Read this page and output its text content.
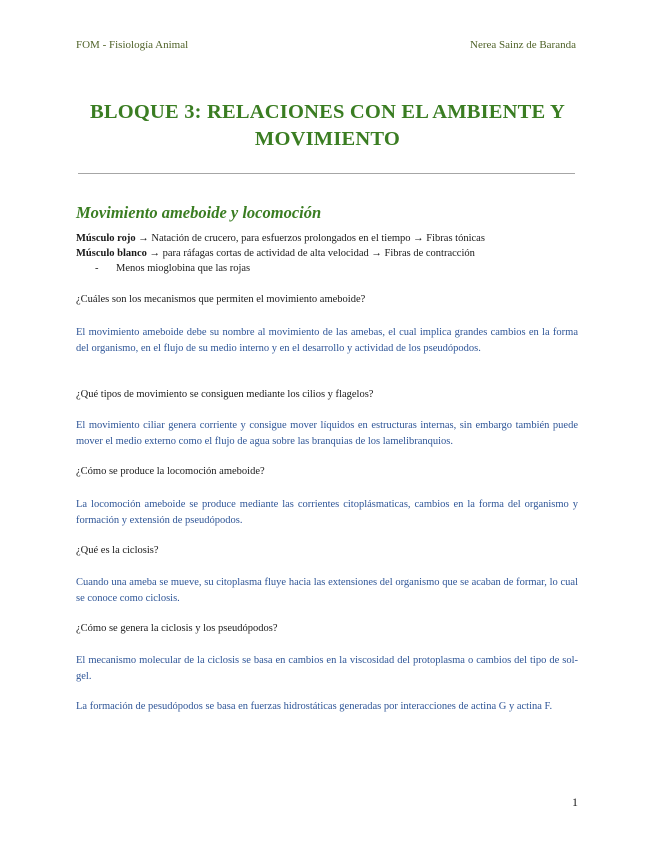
FOM - Fisiología Animal	Nerea Sainz de Baranda
BLOQUE 3: RELACIONES CON EL AMBIENTE Y
MOVIMIENTO
Movimiento ameboide y locomoción
Músculo rojo → Natación de crucero, para esfuerzos prolongados en el tiempo → Fibras tónicas
Músculo blanco → para ráfagas cortas de actividad de alta velocidad → Fibras de contracción
- Menos mioglobina que las rojas
¿Cuáles son los mecanismos que permiten el movimiento ameboide?
El movimiento ameboide debe su nombre al movimiento de las amebas, el cual implica grandes cambios en la forma del organismo, en el flujo de su medio interno y en el desarrollo y actividad de los pseudópodos.
¿Qué tipos de movimiento se consiguen mediante los cilios y flagelos?
El movimiento ciliar genera corriente y consigue mover líquidos en estructuras internas, sin embargo también puede mover el medio externo como el flujo de agua sobre las branquias de los lamelibranquios.
¿Cómo se produce la locomoción ameboide?
La locomoción ameboide se produce mediante las corrientes citoplásmaticas, cambios en la forma del organismo y formación y extensión de pseudópodos.
¿Qué es la ciclosis?
Cuando una ameba se mueve, su citoplasma fluye hacia las extensiones del organismo que se acaban de formar, lo cual se conoce como ciclosis.
¿Cómo se genera la ciclosis y los pseudópodos?
El mecanismo molecular de la ciclosis se basa en cambios en la viscosidad del protoplasma o cambios del tipo de sol-gel.
La formación de pesudópodos se basa en fuerzas hidrostáticas generadas por interacciones de actina G y actina F.
1
